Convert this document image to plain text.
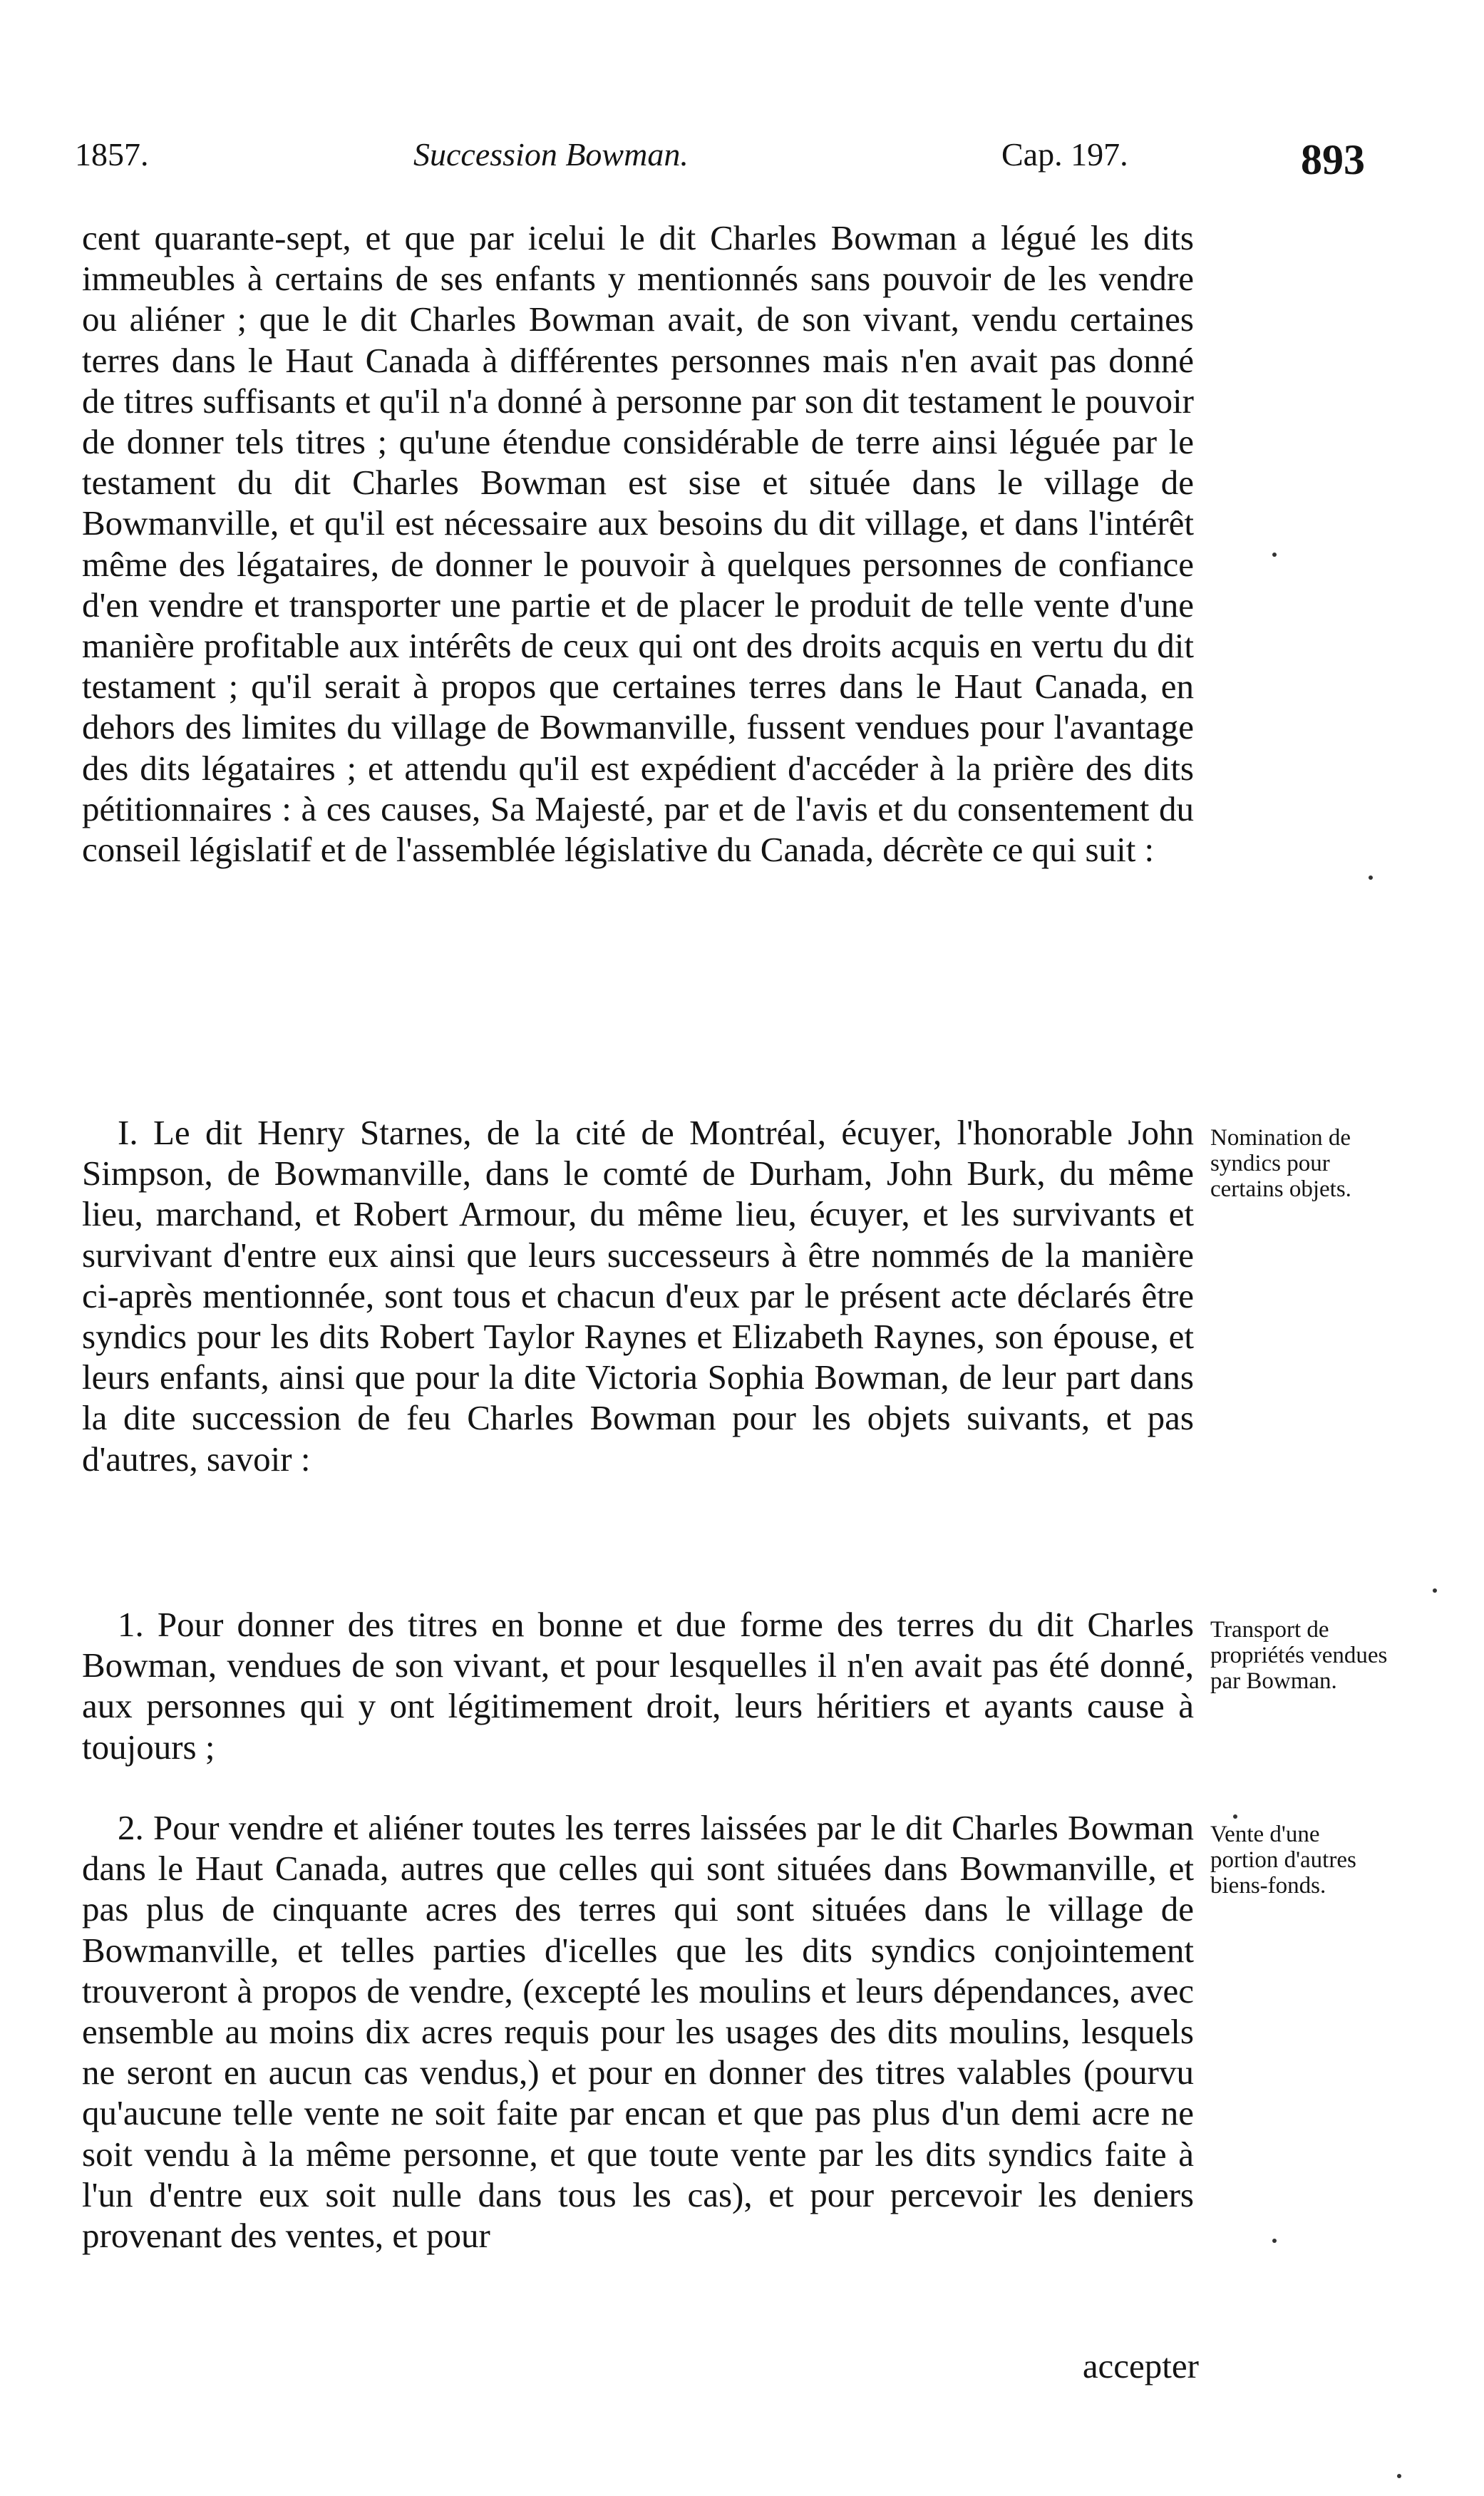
1857.	Succession Bowman.	Cap. 197.	893
cent quarante-sept, et que par icelui le dit Charles Bowman a légué les dits immeubles à certains de ses enfants y mentionnés sans pouvoir de les vendre ou aliéner ; que le dit Charles Bowman avait, de son vivant, vendu certaines terres dans le Haut Canada à différentes personnes mais n'en avait pas donné de titres suffisants et qu'il n'a donné à personne par son dit testament le pouvoir de donner tels titres ; qu'une étendue considérable de terre ainsi léguée par le testament du dit Charles Bowman est sise et située dans le village de Bowmanville, et qu'il est nécessaire aux besoins du dit village, et dans l'intérêt même des légataires, de donner le pouvoir à quelques personnes de confiance d'en vendre et transporter une partie et de placer le produit de telle vente d'une manière profitable aux intérêts de ceux qui ont des droits acquis en vertu du dit testament ; qu'il serait à propos que certaines terres dans le Haut Canada, en dehors des limites du village de Bowmanville, fussent vendues pour l'avantage des dits légataires ; et attendu qu'il est expédient d'accéder à la prière des dits pétitionnaires : à ces causes, Sa Majesté, par et de l'avis et du consentement du conseil législatif et de l'assemblée législative du Canada, décrète ce qui suit :
I. Le dit Henry Starnes, de la cité de Montréal, écuyer, l'honorable John Simpson, de Bowmanville, dans le comté de Durham, John Burk, du même lieu, marchand, et Robert Armour, du même lieu, écuyer, et les survivants et survivant d'entre eux ainsi que leurs successeurs à être nommés de la manière ci-après mentionnée, sont tous et chacun d'eux par le présent acte déclarés être syndics pour les dits Robert Taylor Raynes et Elizabeth Raynes, son épouse, et leurs enfants, ainsi que pour la dite Victoria Sophia Bowman, de leur part dans la dite succession de feu Charles Bowman pour les objets suivants, et pas d'autres, savoir :
Nomination de syndics pour certains objets.
1. Pour donner des titres en bonne et due forme des terres du dit Charles Bowman, vendues de son vivant, et pour lesquelles il n'en avait pas été donné, aux personnes qui y ont légitimement droit, leurs héritiers et ayants cause à toujours ;
Transport de propriétés vendues par Bowman.
2. Pour vendre et aliéner toutes les terres laissées par le dit Charles Bowman dans le Haut Canada, autres que celles qui sont situées dans Bowmanville, et pas plus de cinquante acres des terres qui sont situées dans le village de Bowmanville, et telles parties d'icelles que les dits syndics conjointement trouveront à propos de vendre, (excepté les moulins et leurs dépendances, avec ensemble au moins dix acres requis pour les usages des dits moulins, lesquels ne seront en aucun cas vendus,) et pour en donner des titres valables (pourvu qu'aucune telle vente ne soit faite par encan et que pas plus d'un demi acre ne soit vendu à la même personne, et que toute vente par les dits syndics faite à l'un d'entre eux soit nulle dans tous les cas), et pour percevoir les deniers provenant des ventes, et pour
Vente d'une portion d'autres biens-fonds.
accepter
